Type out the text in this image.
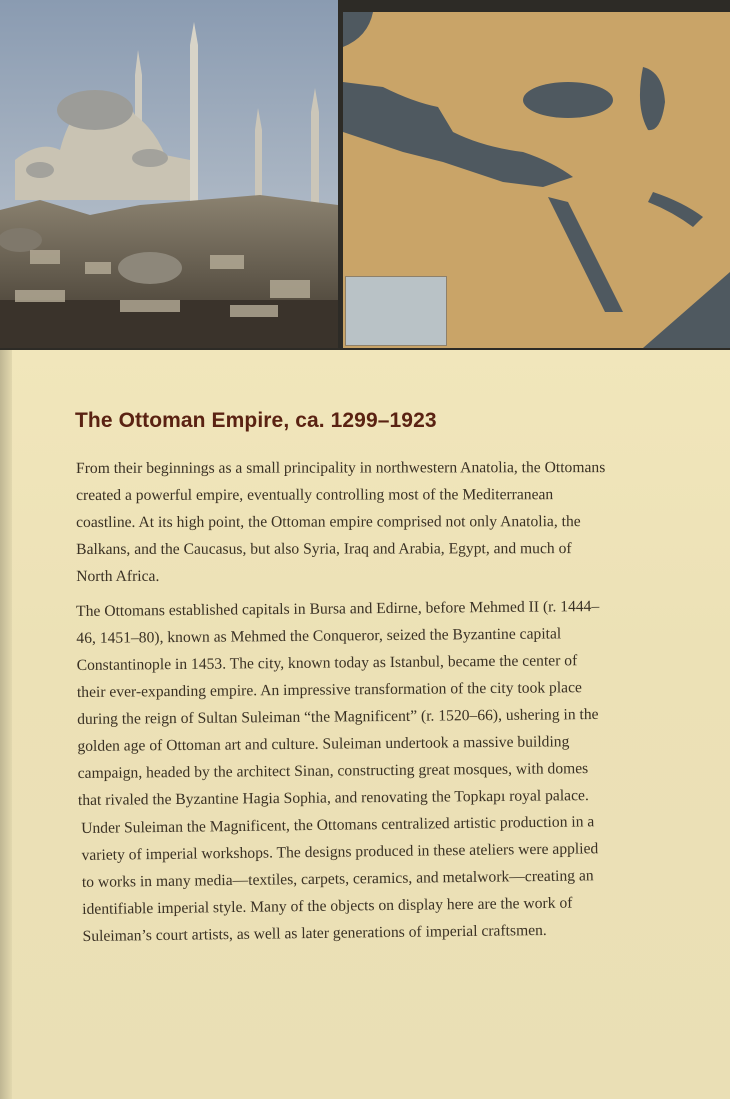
The Ottoman Empire, ca. 1299–1923

From their beginnings as a small principality in northwestern Anatolia, the Ottomans
created a powerful empire, eventually controlling most of the Mediterranean
coastline. At its high point, the Ottoman empire comprised not only Anatolia, the
Balkans, and the Caucasus, but also Syria, Iraq and Arabia, Egypt, and much of
North Africa.

The Ottomans established capitals in Bursa and Edirne, before Mehmed II (r. 1444–
46, 1451–80), known as Mehmed the Conqueror, seized the Byzantine capital
Constantinople in 1453. The city, known today as Istanbul, became the center of
their ever-expanding empire. An impressive transformation of the city took place
during the reign of Sultan Suleiman “the Magnificent” (r. 1520–66), ushering in the
golden age of Ottoman art and culture. Suleiman undertook a massive building
campaign, headed by the architect Sinan, constructing great mosques, with domes
that rivaled the Byzantine Hagia Sophia, and renovating the Topkapı royal palace.

Under Suleiman the Magnificent, the Ottomans centralized artistic production in a
variety of imperial workshops. The designs produced in these ateliers were applied
to works in many media—textiles, carpets, ceramics, and metalwork—creating an
identifiable imperial style. Many of the objects on display here are the work of
Suleiman’s court artists, as well as later generations of imperial craftsmen.
